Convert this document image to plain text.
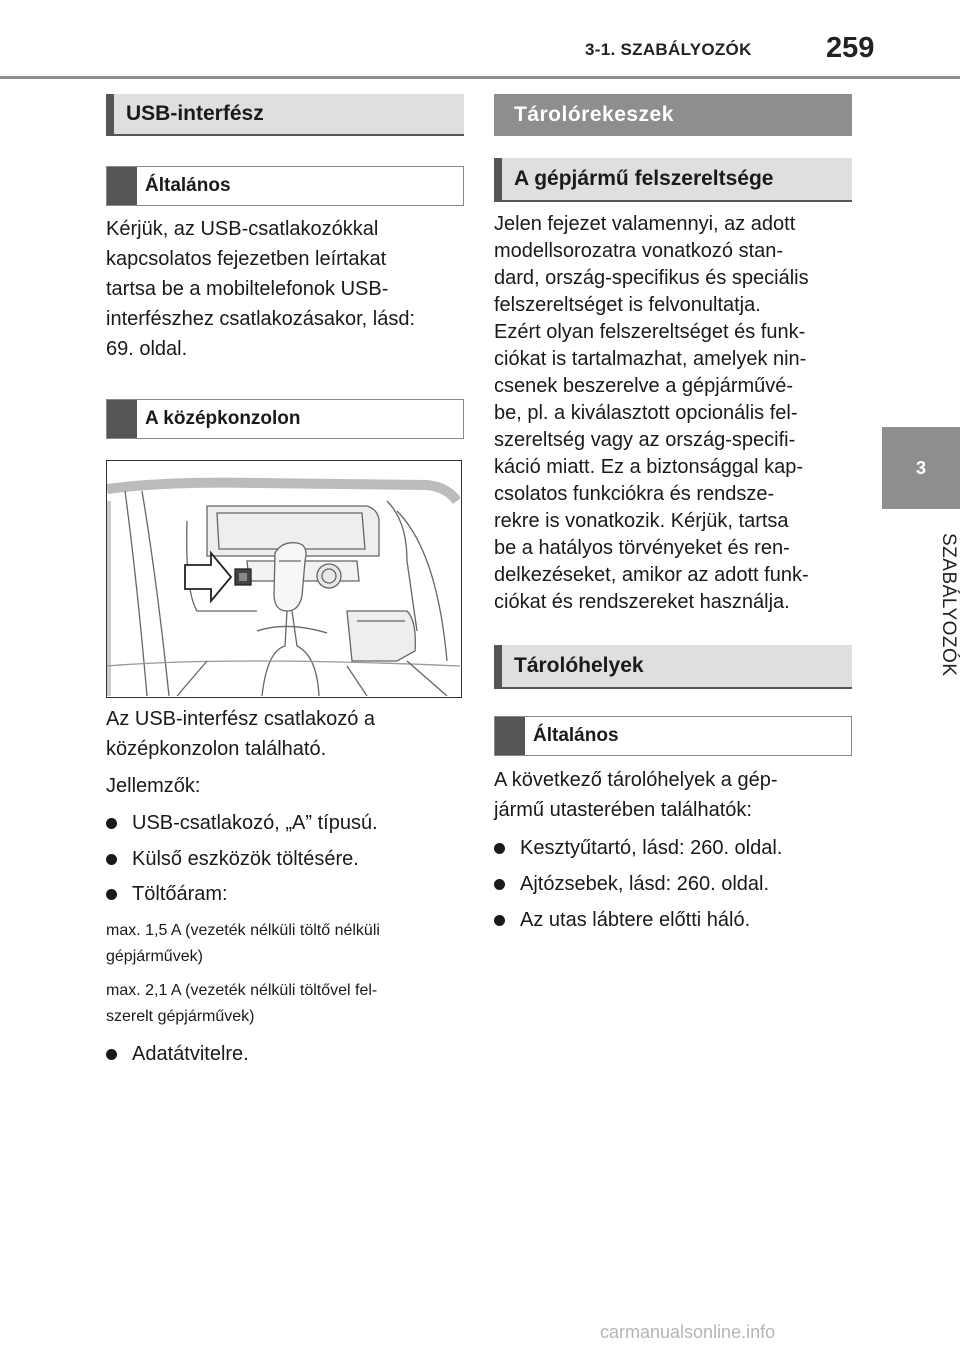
3-1. SZABÁLYOZÓK	259
3
SZABÁLYOZÓK
USB-interfész
Általános

Kérjük, az USB-csatlakozókkal
kapcsolatos fejezetben leírtakat
tartsa be a mobiltelefonok USB-
interfészhez csatlakozásakor, lásd:
69. oldal.

A középkonzolon

Az USB-interfész csatlakozó a
középkonzolon található.

Jellemzők:

USB-csatlakozó, „A” típusú.
Külső eszközök töltésére.
Töltőáram:

max. 1,5 A (vezeték nélküli töltő nélküli
gépjárművek)

max. 2,1 A (vezeték nélküli töltővel fel-
szerelt gépjárművek)

Adatátvitelre.
Tárolórekeszek
A gépjármű felszereltsége

Jelen fejezet valamennyi, az adott
modellsorozatra vonatkozó stan-
dard, ország-specifikus és speciális
felszereltséget is felvonultatja.
Ezért olyan felszereltséget és funk-
ciókat is tartalmazhat, amelyek nin-
csenek beszerelve a gépjárművé-
be, pl. a kiválasztott opcionális fel-
szereltség vagy az ország-specifi-
káció miatt. Ez a biztonsággal kap-
csolatos funkciókra és rendsze-
rekre is vonatkozik. Kérjük, tartsa
be a hatályos törvényeket és ren-
delkezéseket, amikor az adott funk-
ciókat és rendszereket használja.

Tárolóhelyek
Általános

A következő tárolóhelyek a gép-
jármű utasterében találhatók:

Kesztyűtartó, lásd: 260. oldal.
Ajtózsebek, lásd: 260. oldal.
Az utas lábtere előtti háló.
carmanualsonline.info
